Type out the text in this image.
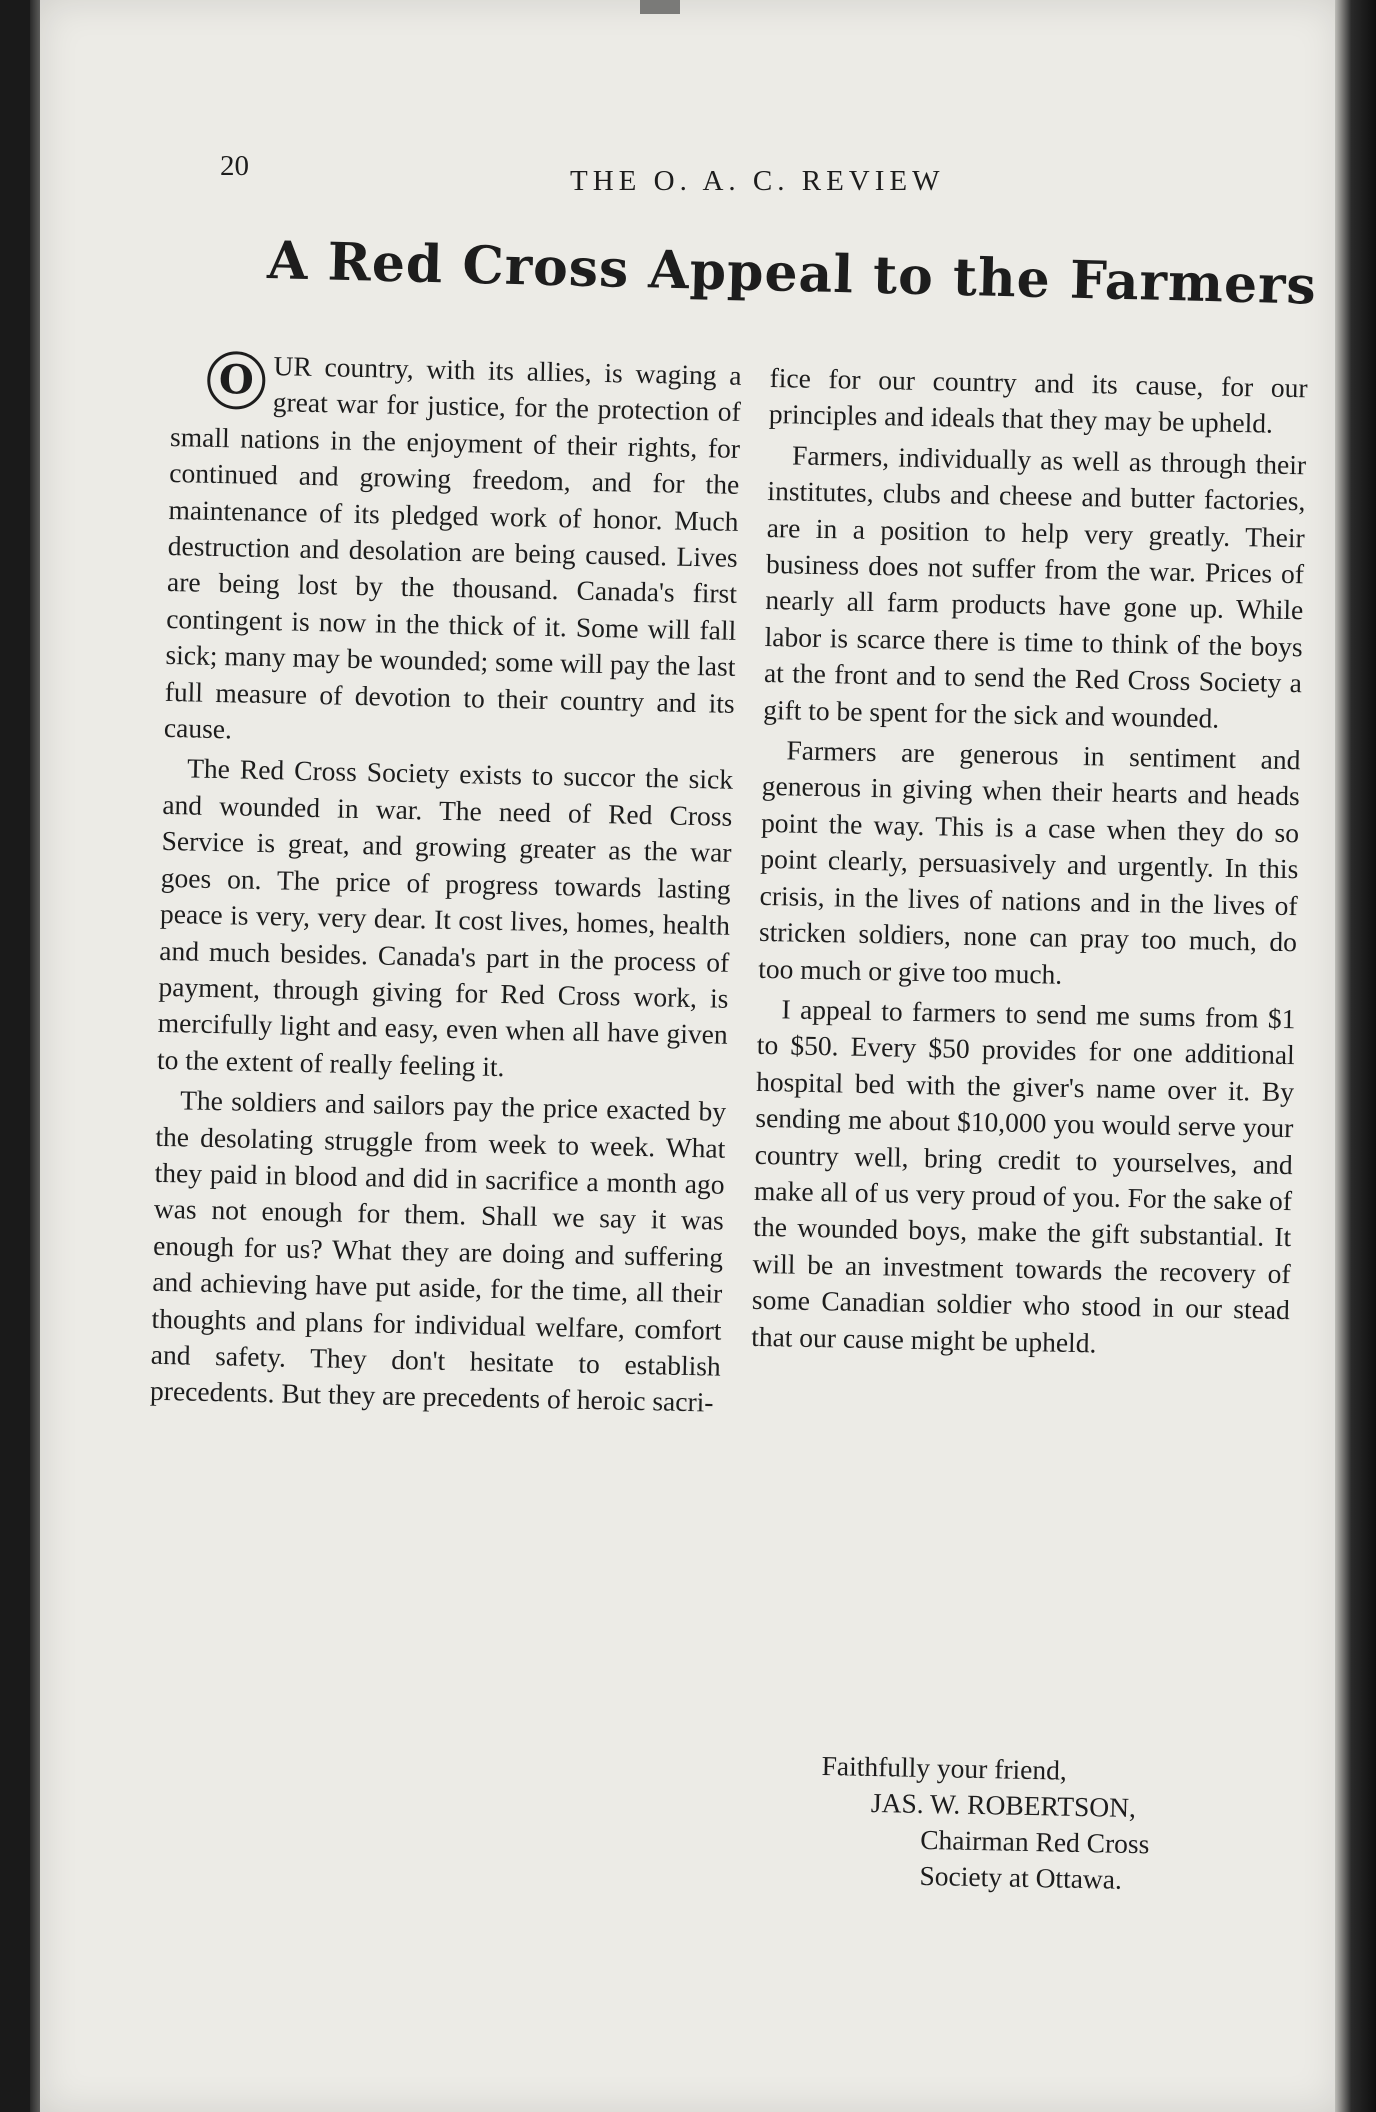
20	THE O. A. C. REVIEW
A Red Cross Appeal to the Farmers

O UR country, with its allies, is waging a great war for justice, for the protection of small nations in the enjoyment of their rights, for continued and growing freedom, and for the maintenance of its pledged work of honor. Much destruction and desolation are being caused. Lives are being lost by the thousand. Canada's first contingent is now in the thick of it. Some will fall sick; many may be wounded; some will pay the last full measure of devotion to their country and its cause.

The Red Cross Society exists to succor the sick and wounded in war. The need of Red Cross Service is great, and growing greater as the war goes on. The price of progress towards lasting peace is very, very dear. It cost lives, homes, health and much besides. Canada's part in the process of payment, through giving for Red Cross work, is mercifully light and easy, even when all have given to the extent of really feeling it.

The soldiers and sailors pay the price exacted by the desolating struggle from week to week. What they paid in blood and did in sacrifice a month ago was not enough for them. Shall we say it was enough for us? What they are doing and suffering and achieving have put aside, for the time, all their thoughts and plans for individual welfare, comfort and safety. They don't hesitate to establish precedents. But they are precedents of heroic sacri-

fice for our country and its cause, for our principles and ideals that they may be upheld.

Farmers, individually as well as through their institutes, clubs and cheese and butter factories, are in a position to help very greatly. Their business does not suffer from the war. Prices of nearly all farm products have gone up. While labor is scarce there is time to think of the boys at the front and to send the Red Cross Society a gift to be spent for the sick and wounded.

Farmers are generous in sentiment and generous in giving when their hearts and heads point the way. This is a case when they do so point clearly, persuasively and urgently. In this crisis, in the lives of nations and in the lives of stricken soldiers, none can pray too much, do too much or give too much.

I appeal to farmers to send me sums from $1 to $50. Every $50 provides for one additional hospital bed with the giver's name over it. By sending me about $10,000 you would serve your country well, bring credit to yourselves, and make all of us very proud of you. For the sake of the wounded boys, make the gift substantial. It will be an investment towards the recovery of some Canadian soldier who stood in our stead that our cause might be upheld.

Faithfully your friend,
JAS. W. ROBERTSON,
Chairman Red Cross
Society at Ottawa.
